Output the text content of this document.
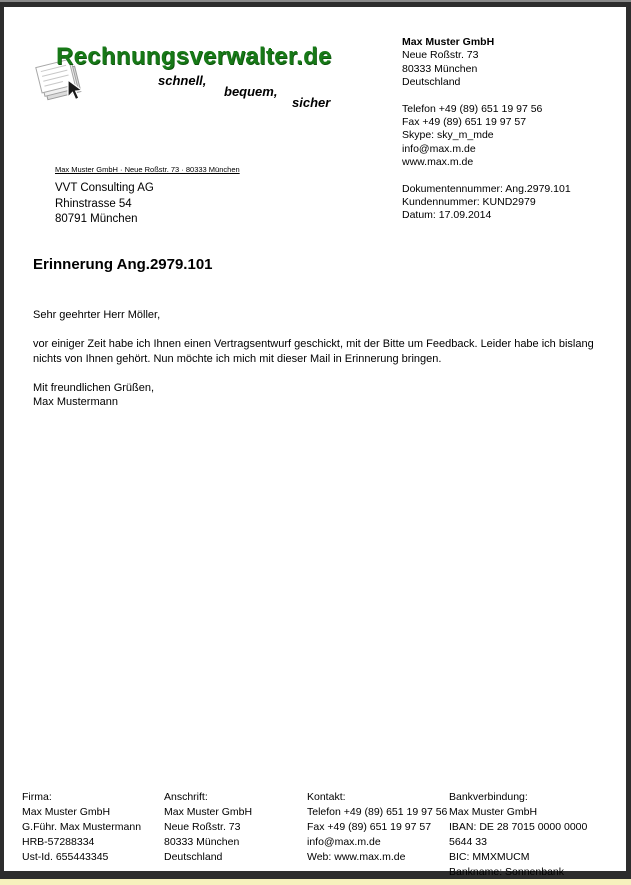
Rechnungsverwalter.de
schnell,
bequem,
sicher
Max Muster GmbH
Neue Roßstr. 73
80333 München
Deutschland
Telefon +49 (89) 651 19 97 56
Fax +49 (89) 651 19 97 57
Skype: sky_m_mde
info@max.m.de
www.max.m.de
Dokumentennummer: Ang.2979.101
Kundennummer: KUND2979
Datum: 17.09.2014
Max Muster GmbH · Neue Roßstr. 73 · 80333 München
VVT Consulting AG
Rhinstrasse 54
80791 München
Erinnerung Ang.2979.101
Sehr geehrter Herr Möller,
vor einiger Zeit habe ich Ihnen einen Vertragsentwurf geschickt, mit der Bitte um Feedback. Leider habe ich bislang nichts von Ihnen gehört. Nun möchte ich mich mit dieser Mail in Erinnerung bringen.
Mit freundlichen Grüßen,
Max Mustermann
Firma:
Max Muster GmbH
G.Führ. Max Mustermann
HRB-57288334
Ust-Id. 655443345
Anschrift:
Max Muster GmbH
Neue Roßstr. 73
80333 München
Deutschland
Kontakt:
Telefon +49 (89) 651 19 97 56
Fax +49 (89) 651 19 97 57
info@max.m.de
Web: www.max.m.de
Bankverbindung:
Max Muster GmbH
IBAN: DE 28 7015 0000 0000
5644 33
BIC: MMXMUCM
Bankname: Sonnenbank
